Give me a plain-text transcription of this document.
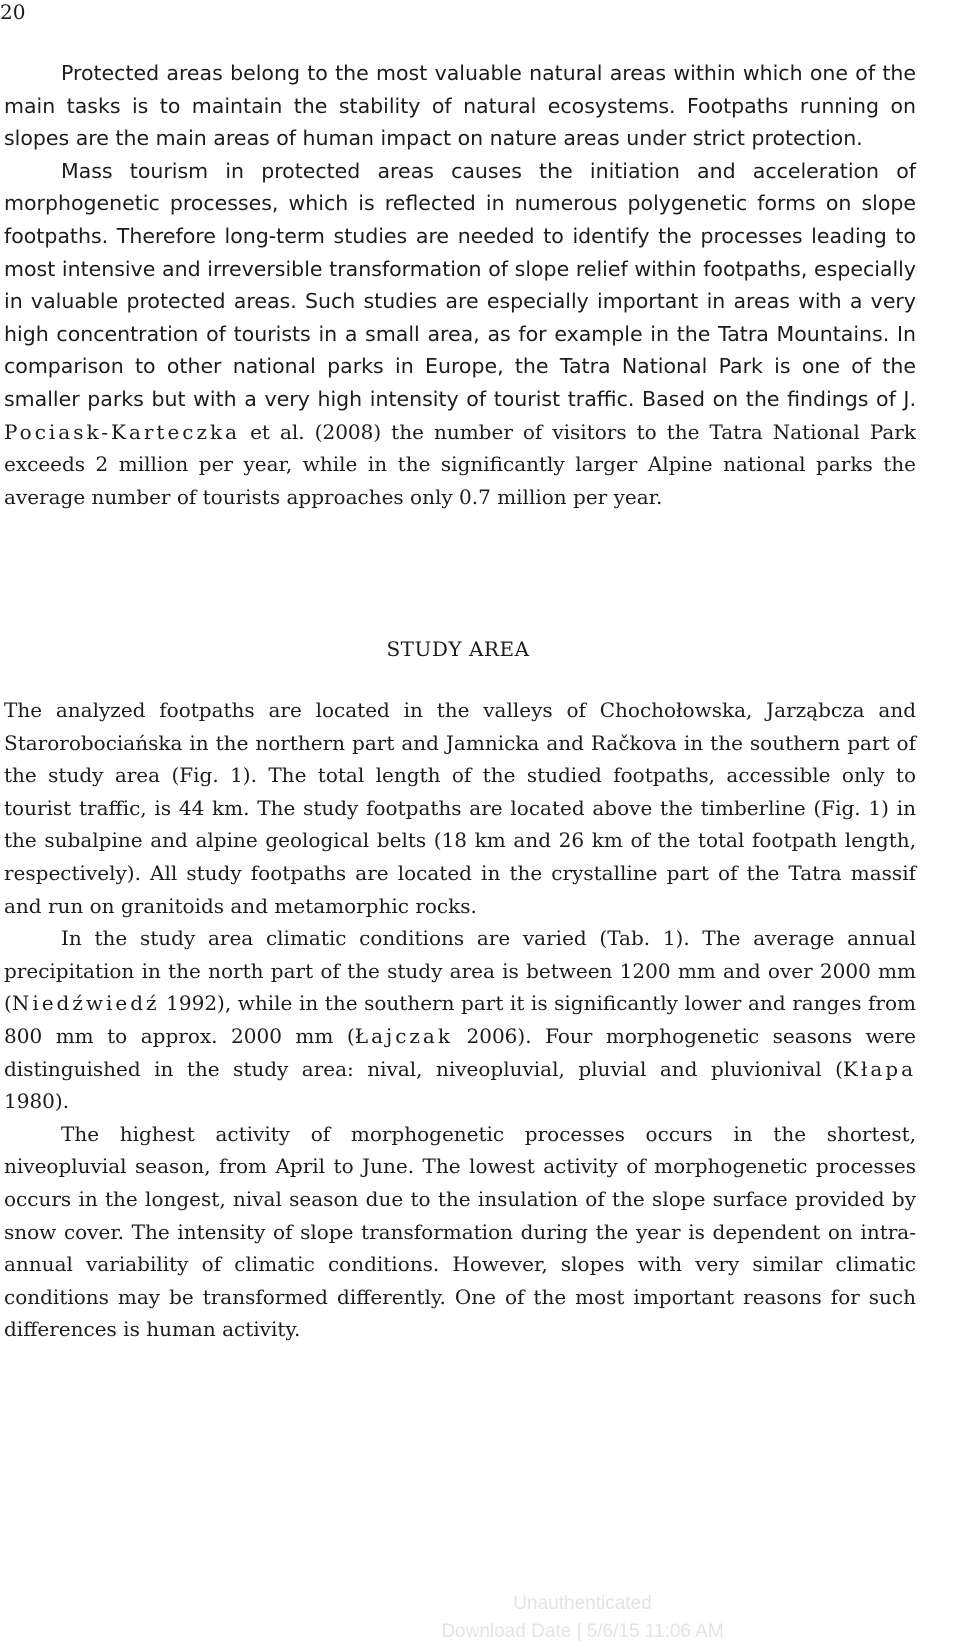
20

Protected areas belong to the most valuable natural areas within which one of the main tasks is to maintain the stability of natural ecosystems. Footpaths running on slopes are the main areas of human impact on nature areas under strict protection.

Mass tourism in protected areas causes the initiation and acceleration of morphogenetic processes, which is reflected in numerous polygenetic forms on slope footpaths. Therefore long-term studies are needed to identify the processes leading to most intensive and irreversible transformation of slope relief within footpaths, especially in valuable protected areas. Such studies are especially important in areas with a very high concentration of tourists in a small area, as for example in the Tatra Mountains. In comparison to other national parks in Europe, the Tatra National Park is one of the smaller parks but with a very high intensity of tourist traffic. Based on the findings of J. Pociask-Karteczka et al. (2008) the number of visitors to the Tatra National Park exceeds 2 million per year, while in the significantly larger Alpine national parks the average number of tourists approaches only 0.7 million per year.

STUDY AREA

The analyzed footpaths are located in the valleys of Chochołowska, Jarząbcza and Starorobociańska in the northern part and Jamnicka and Račkova in the southern part of the study area (Fig. 1). The total length of the studied footpaths, accessible only to tourist traffic, is 44 km. The study footpaths are located above the timberline (Fig. 1) in the subalpine and alpine geological belts (18 km and 26 km of the total footpath length, respectively). All study footpaths are located in the crystalline part of the Tatra massif and run on granitoids and metamorphic rocks.

In the study area climatic conditions are varied (Tab. 1). The average annual precipitation in the north part of the study area is between 1200 mm and over 2000 mm (Niedźwiedź 1992), while in the southern part it is significantly lower and ranges from 800 mm to approx. 2000 mm (Łajczak 2006). Four morphogenetic seasons were distinguished in the study area: nival, niveopluvial, pluvial and pluvionival (Kłapa 1980).

The highest activity of morphogenetic processes occurs in the shortest, niveopluvial season, from April to June. The lowest activity of morphogenetic processes occurs in the longest, nival season due to the insulation of the slope surface provided by snow cover. The intensity of slope transformation during the year is dependent on intra-annual variability of climatic conditions. However, slopes with very similar climatic conditions may be transformed differently. One of the most important reasons for such differences is human activity.

Unauthenticated
Download Date | 5/6/15 11:06 AM
